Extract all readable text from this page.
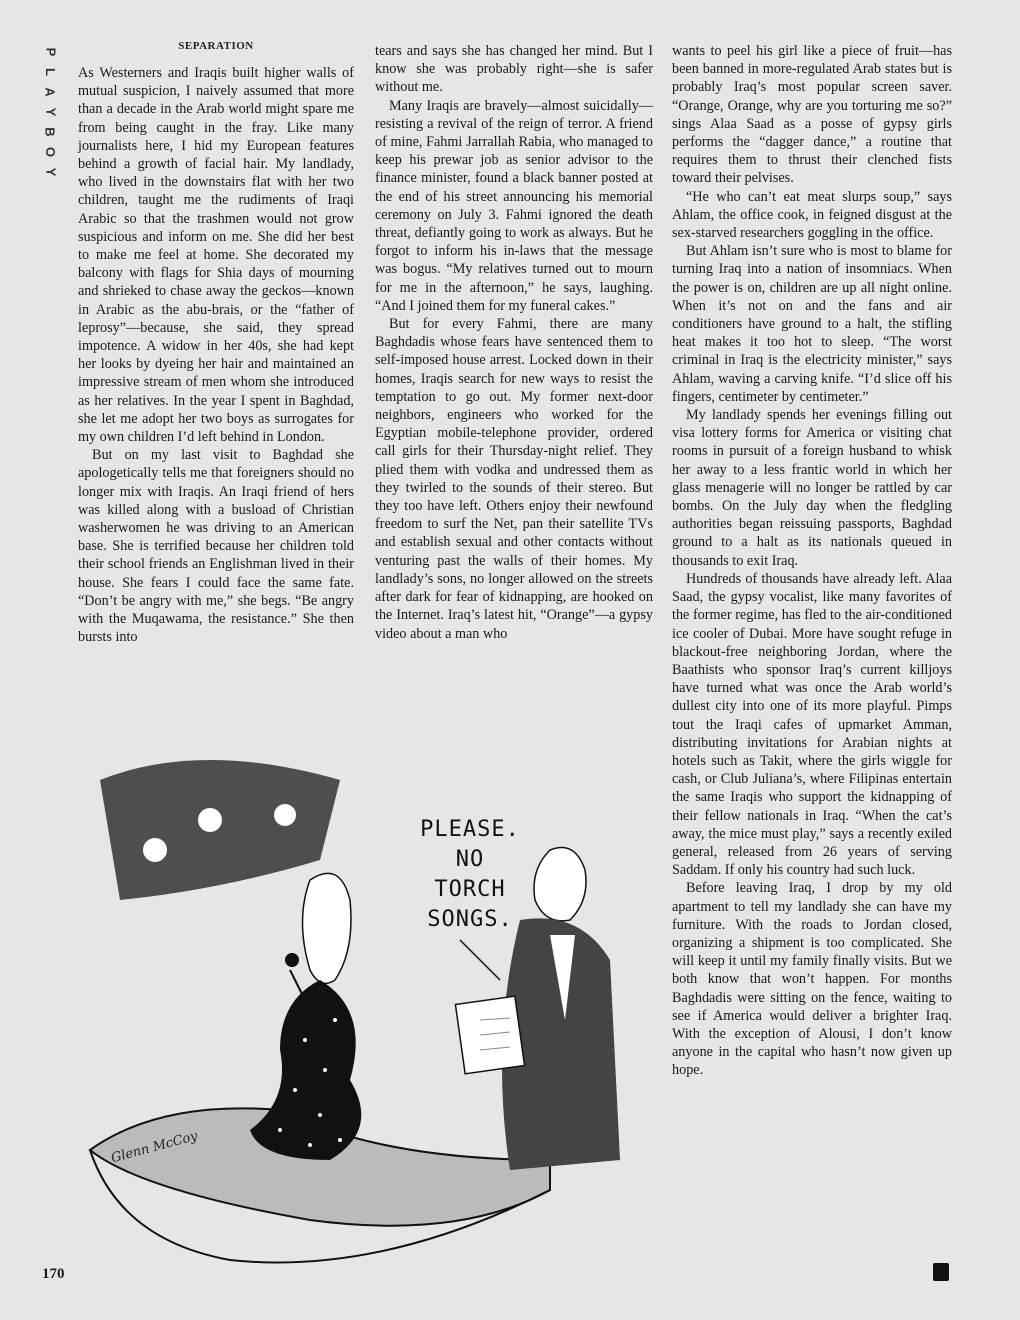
P
L
A
Y
B
O
Y
SEPARATION

As Westerners and Iraqis built higher walls of mutual suspicion, I naively assumed that more than a decade in the Arab world might spare me from being caught in the fray. Like many journalists here, I hid my European features behind a growth of facial hair. My landlady, who lived in the downstairs flat with her two children, taught me the rudiments of Iraqi Arabic so that the trashmen would not grow suspicious and inform on me. She did her best to make me feel at home. She decorated my balcony with flags for Shia days of mourning and shrieked to chase away the geckos—known in Arabic as the abu-brais, or the “father of leprosy”—because, she said, they spread impotence. A widow in her 40s, she had kept her looks by dyeing her hair and maintained an impressive stream of men whom she introduced as her relatives. In the year I spent in Baghdad, she let me adopt her two boys as surrogates for my own children I’d left behind in London.

But on my last visit to Baghdad she apologetically tells me that foreigners should no longer mix with Iraqis. An Iraqi friend of hers was killed along with a busload of Christian washerwomen he was driving to an American base. She is terrified because her children told their school friends an Englishman lived in their house. She fears I could face the same fate. “Don’t be angry with me,” she begs. “Be angry with the Muqawama, the resistance.” She then bursts into

tears and says she has changed her mind. But I know she was probably right—she is safer without me.

Many Iraqis are bravely—almost suicidally—resisting a revival of the reign of terror. A friend of mine, Fahmi Jarrallah Rabia, who managed to keep his prewar job as senior advisor to the finance minister, found a black banner posted at the end of his street announcing his memorial ceremony on July 3. Fahmi ignored the death threat, defiantly going to work as always. But he forgot to inform his in-laws that the message was bogus. “My relatives turned out to mourn for me in the afternoon,” he says, laughing. “And I joined them for my funeral cakes.”

But for every Fahmi, there are many Baghdadis whose fears have sentenced them to self-imposed house arrest. Locked down in their homes, Iraqis search for new ways to resist the temptation to go out. My former next-door neighbors, engineers who worked for the Egyptian mobile-telephone provider, ordered call girls for their Thursday-night relief. They plied them with vodka and undressed them as they twirled to the sounds of their stereo. But they too have left. Others enjoy their newfound freedom to surf the Net, pan their satellite TVs and establish sexual and other contacts without venturing past the walls of their homes. My landlady’s sons, no longer allowed on the streets after dark for fear of kidnapping, are hooked on the Internet. Iraq’s latest hit, “Orange”—a gypsy video about a man who

wants to peel his girl like a piece of fruit—has been banned in more-regulated Arab states but is probably Iraq’s most popular screen saver. “Orange, Orange, why are you torturing me so?” sings Alaa Saad as a posse of gypsy girls performs the “dagger dance,” a routine that requires them to thrust their clenched fists toward their pelvises.

“He who can’t eat meat slurps soup,” says Ahlam, the office cook, in feigned disgust at the sex-starved researchers goggling in the office.

But Ahlam isn’t sure who is most to blame for turning Iraq into a nation of insomniacs. When the power is on, children are up all night online. When it’s not on and the fans and air conditioners have ground to a halt, the stifling heat makes it too hot to sleep. “The worst criminal in Iraq is the electricity minister,” says Ahlam, waving a carving knife. “I’d slice off his fingers, centimeter by centimeter.”

My landlady spends her evenings filling out visa lottery forms for America or visiting chat rooms in pursuit of a foreign husband to whisk her away to a less frantic world in which her glass menagerie will no longer be rattled by car bombs. On the July day when the fledgling authorities began reissuing passports, Baghdad ground to a halt as its nationals queued in thousands to exit Iraq.

Hundreds of thousands have already left. Alaa Saad, the gypsy vocalist, like many favorites of the former regime, has fled to the air-conditioned ice cooler of Dubai. More have sought refuge in blackout-free neighboring Jordan, where the Baathists who sponsor Iraq’s current killjoys have turned what was once the Arab world’s dullest city into one of its more playful. Pimps tout the Iraqi cafes of upmarket Amman, distributing invitations for Arabian nights at hotels such as Takit, where the girls wiggle for cash, or Club Juliana’s, where Filipinas entertain the same Iraqis who support the kidnapping of their fellow nationals in Iraq. “When the cat’s away, the mice must play,” says a recently exiled general, released from 26 years of serving Saddam. If only his country had such luck.

Before leaving Iraq, I drop by my old apartment to tell my landlady she can have my furniture. With the roads to Jordan closed, organizing a shipment is too complicated. She will keep it until my family finally visits. But we both know that won’t happen. For months Baghdadis were sitting on the fence, waiting to see if America would deliver a brighter Iraq. With the exception of Alousi, I don’t know anyone in the capital who hasn’t now given up hope.

PLEASE.
NO
TORCH
SONGS.
Glenn McCoy
170
